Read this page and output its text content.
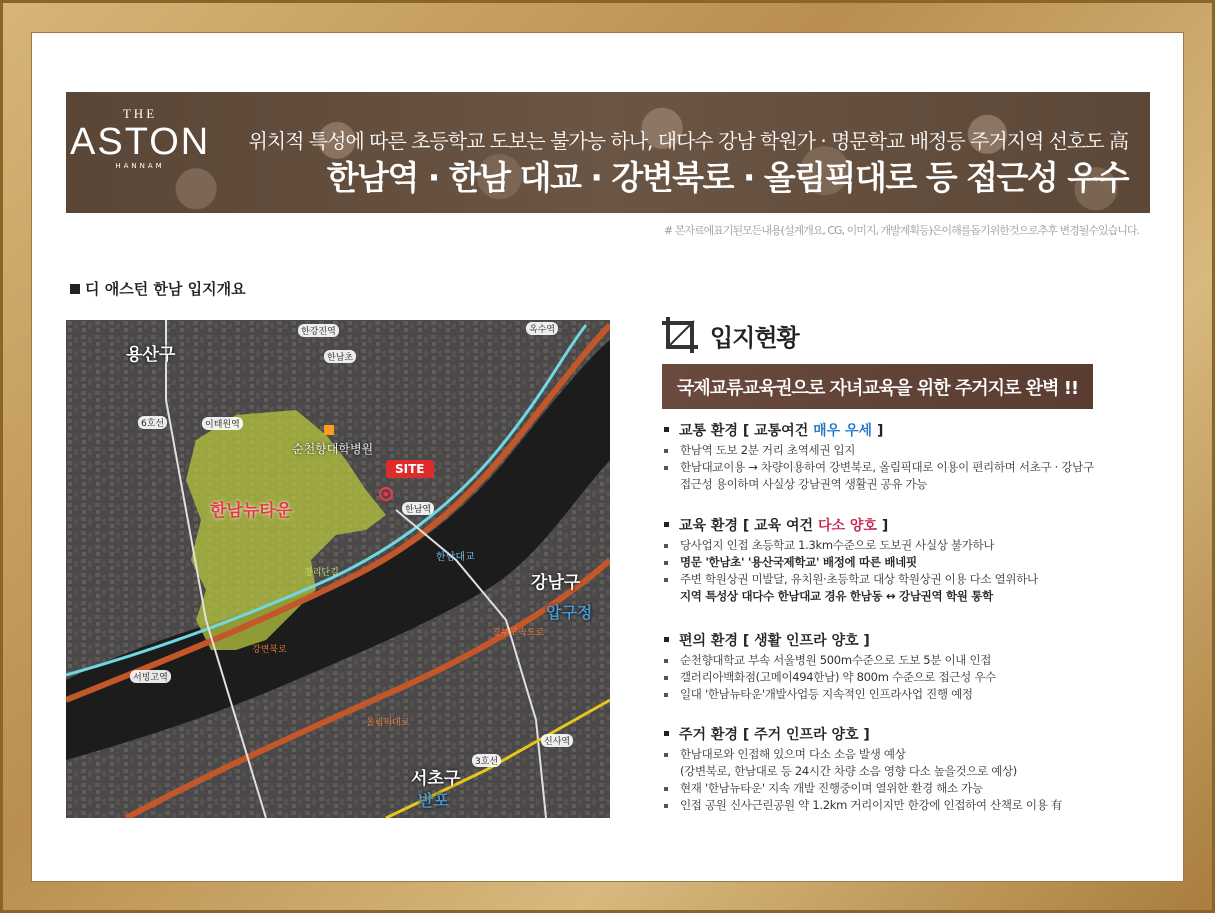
THE
ASTON
HANNAM
위치적 특성에 따른 초등학교 도보는 불가능 하나, 대다수 강남 학원가 · 명문학교 배정등 주거지역 선호도 高
한남역 · 한남 대교 · 강변북로 · 올림픽대로 등 접근성 우수
# 본자료에표기된모든내용(설계개요, CG, 이미지, 개발계획등)은이해를돕기위한것으로추후 변경될수있습니다.
디 애스턴 한남 입지개요
용산구
강남구
서초구
압구정
반포
한강진역	옥수역
이태원역
한남역
서빙고역
신사역
6호선
3호선
한남초
순천향대학병원
한남뉴타운
SITE
한남대교
강변북로
올림픽대로
경부고속도로
경리단길
입지현황
국제교류교육권으로 자녀교육을 위한 주거지로 완벽 !!
교통 환경 [ 교통여건 매우 우세 ]
한남역 도보 2분 거리 초역세권 입지
한남대교이용 → 차량이용하여 강변북로, 올림픽대로 이용이 편리하며 서초구 · 강남구
접근성 용이하며 사실상 강남권역 생활권 공유 가능
교육 환경 [ 교육 여건 다소 양호 ]
당사업지 인접 초등학교 1.3km수준으로 도보권 사실상 불가하나
명문 '한남초' '용산국제학교' 배정에 따른 배네핏
주변 학원상권 미발달, 유치원·초등학교 대상 학원상권 이용 다소 열위하나
지역 특성상 대다수 한남대교 경유 한남동 ↔ 강남권역 학원 통학
편의 환경 [ 생활 인프라 양호 ]
순천향대학교 부속 서울병원 500m수준으로 도보 5분 이내 인접
갤러리아백화점(고메이494한남) 약 800m 수준으로 접근성 우수
일대 '한남뉴타운'개발사업등 지속적인 인프라사업 진행 예정
주거 환경 [ 주거 인프라 양호 ]
한남대로와 인접해 있으며 다소 소음 발생 예상
(강변북로, 한남대로 등 24시간 차량 소음 영향 다소 높을것으로 예상)
현재 '한남뉴타운' 지속 개발 진행중이며 열위한 환경 해소 가능
인접 공원 신사근린공원 약 1.2km 거리이지만 한강에 인접하여 산책로 이용 有
